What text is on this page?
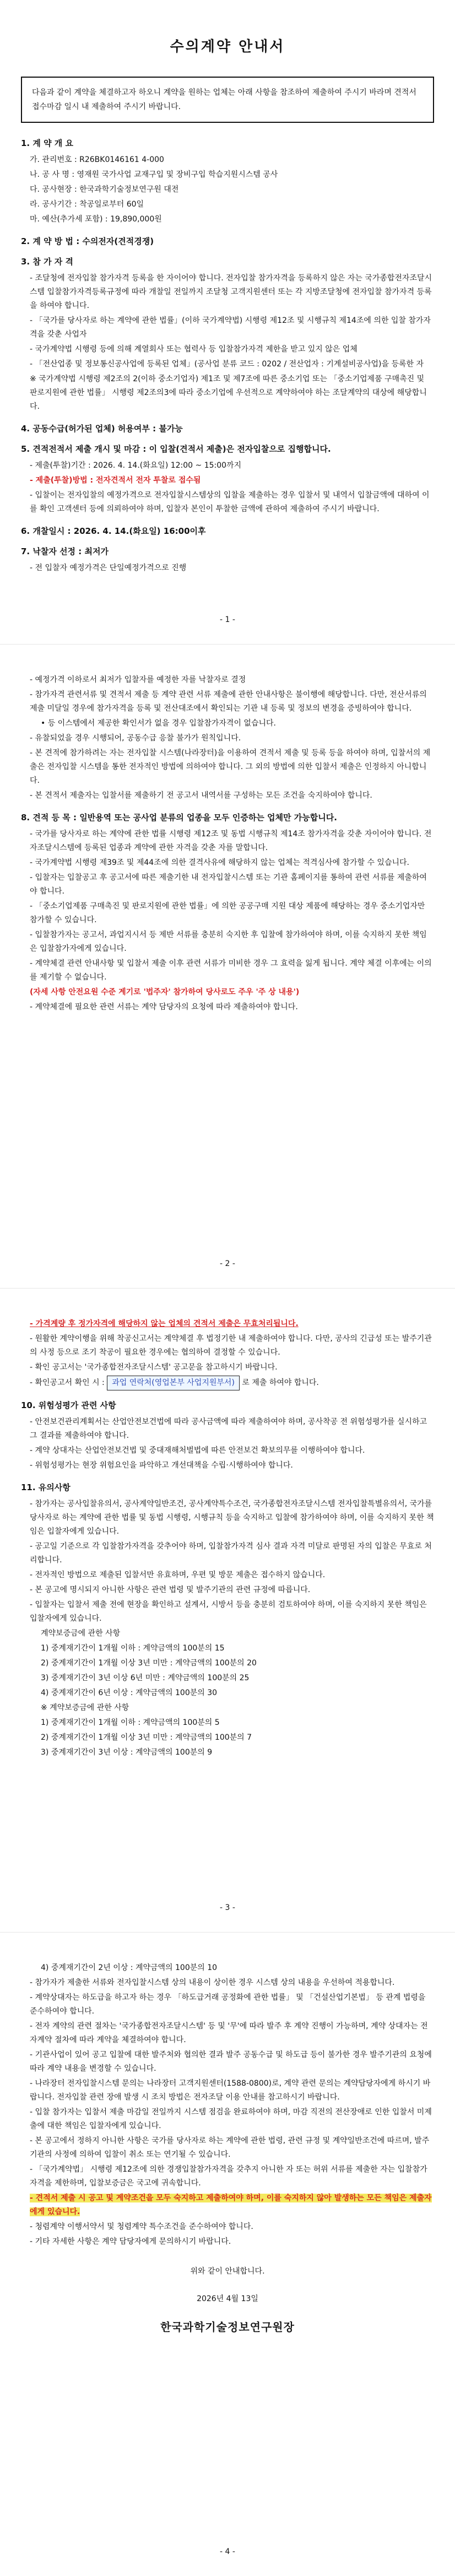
수의계약 안내서
다음과 같이 계약을 체결하고자 하오니 계약을 원하는 업체는 아래 사항을 참조하여 제출하여 주시기 바라며 견적서 접수마감 일시 내 제출하여 주시기 바랍니다.
1. 계 약 개 요
가. 관리번호 : R26BK0146161 4-000
나. 공 사 명 : 영재원 국가사업 교재구입 및 장비구입 학습지원시스템 공사
다. 공사현장 : 한국과학기술정보연구원 대전
라. 공사기간 : 착공일로부터 60일
마. 예산(추가세 포함) : 19,890,000원
2. 계 약 방 법 : 수의전자(견적경쟁)
3. 참 가 자 격
- 조달청에 전자입찰 참가자격 등록을 한 자이어야 합니다. 전자입찰 참가자격을 등록하지 않은 자는 국가종합전자조달시스템 입찰참가자격등록규정에 따라 개찰일 전일까지 조달청 고객지원센터 또는 각 지방조달청에 전자입찰 참가자격 등록을 하여야 합니다.
- 「국가를 당사자로 하는 계약에 관한 법률」(이하 국가계약법) 시행령 제12조 및 시행규칙 제14조에 의한 입찰 참가자격을 갖춘 사업자
- 국가계약법 시행령 등에 의해 계열회사 또는 협력사 등 입찰참가자격 제한을 받고 있지 않은 업체
- 「전산업종 및 정보통신공사업에 등록된 업체」(공사업 분류 코드 : 0202 / 전산업자 : 기계설비공사업)을 등록한 자
※ 국가계약법 시행령 제2조의 2(이하 중소기업자) 제1조 및 제7조에 따른 중소기업 또는 「중소기업제품 구매촉진 및 판로지원에 관한 법률」 시행령 제2조의3에 따라 중소기업에 우선적으로 계약하여야 하는 조달계약의 대상에 해당합니다.
4. 공동수급(허가된 업체) 허용여부 : 불가능
5. 견적전적서 제출 개시 및 마감 : 이 입찰(견적서 제출)은 전자입찰으로 집행합니다.
- 제출(투찰)기간 : 2026. 4. 14.(화요일) 12:00 ~ 15:00까지
- 제출(투찰)방법 : 전자견적서 전자 투찰로 접수됨
- 입찰이는 전자입찰의 예정가격으로 전자입찰시스템상의 입찰을 제출하는 경우 입찰서 및 내역서 입찰금액에 대하여 이를 확인 고객센터 등에 의뢰하여야 하며, 입찰자 본인이 투찰한 금액에 관하여 제출하여 주시기 바랍니다.
6. 개찰일시 : 2026. 4. 14.(화요일) 16:00이후
7. 낙찰자 선정 : 최저가
- 전 입찰자 예정가격은 단일예정가격으로 진행
- 1 -
- 예정가격 이하로서 최저가 입찰자를 예정한 자를 낙찰자로 결정
- 참가자격 관련서류 및 견적서 제출 등 계약 관련 서류 제출에 관한 안내사항은 불이행에 해당합니다. 다만, 전산서류의 제출 미달일 경우에 참가자격을 등록 및 전산대조에서 확인되는 기관 내 등록 및 정보의 변경을 증빙하여야 합니다.
• 등 이스템에서 제공한 확인서가 없을 경우 입찰참가자격이 없습니다.
- 유찰되었을 경우 시행되어, 공동수급 응찰 불가가 원칙입니다.
- 본 견적에 참가하려는 자는 전자입찰 시스템(나라장터)을 이용하여 견적서 제출 및 등록 등을 하여야 하며, 입찰서의 제출은 전자입찰 시스템을 통한 전자적인 방법에 의하여야 합니다. 그 외의 방법에 의한 입찰서 제출은 인정하지 아니합니다.
- 본 견적서 제출자는 입찰서를 제출하기 전 공고서 내역서를 구성하는 모든 조건을 숙지하여야 합니다.
8. 견적 등 목 : 일반용역 또는 공사업 분류의 업종을 모두 인증하는 업체만 가능합니다.
- 국가를 당사자로 하는 계약에 관한 법률 시행령 제12조 및 동법 시행규칙 제14조 참가자격을 갖춘 자이어야 합니다. 전자조달시스템에 등록된 업종과 계약에 관한 자격을 갖춘 자를 말합니다.
- 국가계약법 시행령 제39조 및 제44조에 의한 결격사유에 해당하지 않는 업체는 적격심사에 참가할 수 있습니다.
- 입찰자는 입찰공고 후 공고서에 따른 제출기한 내 전자입찰시스템 또는 기관 홈페이지를 통하여 관련 서류를 제출하여야 합니다.
- 「중소기업제품 구매촉진 및 판로지원에 관한 법률」에 의한 공공구매 지원 대상 제품에 해당하는 경우 중소기업자만 참가할 수 있습니다.
- 입찰참가자는 공고서, 과업지시서 등 제반 서류를 충분히 숙지한 후 입찰에 참가하여야 하며, 이를 숙지하지 못한 책임은 입찰참가자에게 있습니다.
- 계약체결 관련 안내사항 및 입찰서 제출 이후 관련 서류가 미비한 경우 그 효력을 잃게 됩니다. 계약 체결 이후에는 이의를 제기할 수 없습니다.
(자세 사항 안전요원 수준 계기로 '법주자' 참가하여 당사로도 주우 '주 상 내용')
- 계약체결에 필요한 관련 서류는 계약 담당자의 요청에 따라 제출하여야 합니다.
- 2 -
- 가격계량 후 정가자격에 해당하지 않는 업체의 견적서 제출은 무효처리됩니다.
- 원활한 계약이행을 위해 착공신고서는 계약체결 후 법정기한 내 제출하여야 합니다. 다만, 공사의 긴급성 또는 발주기관의 사정 등으로 조기 착공이 필요한 경우에는 협의하여 결정할 수 있습니다.
- 확인 공고서는 '국가종합전자조달시스템' 공고문을 참고하시기 바랍니다.
- 확인공고서 확인 시 : 과업 연락처(영업본부 사업지원부서) 로 제출 하여야 합니다.
10. 위험성평가 관련 사항
- 안전보건관리계획서는 산업안전보건법에 따라 공사금액에 따라 제출하여야 하며, 공사착공 전 위험성평가를 실시하고 그 결과를 제출하여야 합니다.
- 계약 상대자는 산업안전보건법 및 중대재해처벌법에 따른 안전보건 확보의무를 이행하여야 합니다.
- 위험성평가는 현장 위험요인을 파악하고 개선대책을 수립·시행하여야 합니다.
11. 유의사항
- 참가자는 공사입찰유의서, 공사계약일반조건, 공사계약특수조건, 국가종합전자조달시스템 전자입찰특별유의서, 국가를 당사자로 하는 계약에 관한 법률 및 동법 시행령, 시행규칙 등을 숙지하고 입찰에 참가하여야 하며, 이를 숙지하지 못한 책임은 입찰자에게 있습니다.
- 공고일 기준으로 각 입찰참가자격을 갖추어야 하며, 입찰참가자격 심사 결과 자격 미달로 판명된 자의 입찰은 무효로 처리합니다.
- 전자적인 방법으로 제출된 입찰서만 유효하며, 우편 및 방문 제출은 접수하지 않습니다.
- 본 공고에 명시되지 아니한 사항은 관련 법령 및 발주기관의 관련 규정에 따릅니다.
- 입찰자는 입찰서 제출 전에 현장을 확인하고 설계서, 시방서 등을 충분히 검토하여야 하며, 이를 숙지하지 못한 책임은 입찰자에게 있습니다.
계약보증금에 관한 사항
1) 중계재기간이 1개월 이하 : 계약금액의 100분의 15
2) 중계재기간이 1개월 이상 3년 미만 : 계약금액의 100분의 20
3) 중계재기간이 3년 이상 6년 미만 : 계약금액의 100분의 25
4) 중계재기간이 6년 이상 : 계약금액의 100분의 30
※ 계약보증금에 관한 사항
1) 중계재기간이 1개월 이하 : 계약금액의 100분의 5
2) 중계재기간이 1개월 이상 3년 미만 : 계약금액의 100분의 7
3) 중계재기간이 3년 이상 : 계약금액의 100분의 9
- 3 -
4) 중계재기간이 2년 이상 : 계약금액의 100분의 10
- 참가자가 제출한 서류와 전자입찰시스템 상의 내용이 상이한 경우 시스템 상의 내용을 우선하여 적용합니다.
- 계약상대자는 하도급을 하고자 하는 경우 「하도급거래 공정화에 관한 법률」 및 「건설산업기본법」 등 관계 법령을 준수하여야 합니다.
- 전자 계약의 관련 절차는 '국가종합전자조달시스템' 등 및 '무'에 따라 발주 후 계약 진행이 가능하며, 계약 상대자는 전자계약 절차에 따라 계약을 체결하여야 합니다.
- 기관사업이 있어 공고 입찰에 대한 발주처와 협의한 결과 발주 공동수급 및 하도급 등이 불가한 경우 발주기관의 요청에 따라 계약 내용을 변경할 수 있습니다.
- 나라장터 전자입찰시스템 문의는 나라장터 고객지원센터(1588-0800)로, 계약 관련 문의는 계약담당자에게 하시기 바랍니다. 전자입찰 관련 장애 발생 시 조치 방법은 전자조달 이용 안내를 참고하시기 바랍니다.
- 입찰 참가자는 입찰서 제출 마감일 전일까지 시스템 점검을 완료하여야 하며, 마감 직전의 전산장애로 인한 입찰서 미제출에 대한 책임은 입찰자에게 있습니다.
- 본 공고에서 정하지 아니한 사항은 국가를 당사자로 하는 계약에 관한 법령, 관련 규정 및 계약일반조건에 따르며, 발주기관의 사정에 의하여 입찰이 취소 또는 연기될 수 있습니다.
- 「국가계약법」 시행령 제12조에 의한 경쟁입찰참가자격을 갖추지 아니한 자 또는 허위 서류를 제출한 자는 입찰참가자격을 제한하며, 입찰보증금은 국고에 귀속합니다.
- 견적서 제출 시 공고 및 계약조건을 모두 숙지하고 제출하여야 하며, 이를 숙지하지 않아 발생하는 모든 책임은 제출자에게 있습니다.
- 청렴계약 이행서약서 및 청렴계약 특수조건을 준수하여야 합니다.
- 기타 자세한 사항은 계약 담당자에게 문의하시기 바랍니다.
위와 같이 안내합니다.
2026년 4월 13일
한국과학기술정보연구원장
- 4 -
